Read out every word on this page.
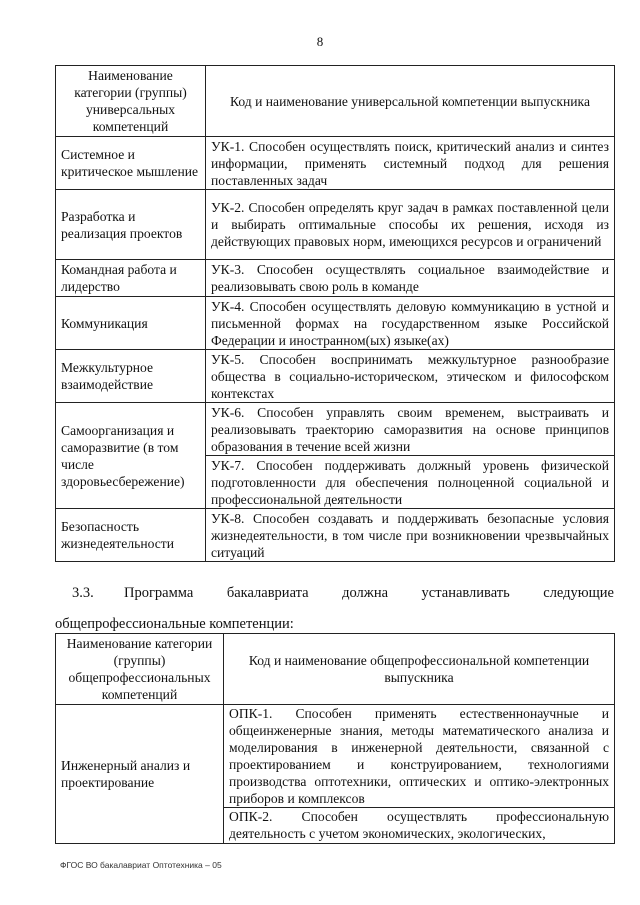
8
Наименование категории (группы) универсальных компетенций	Код и наименование универсальной компетенции выпускника
Системное и критическое мышление	УК-1. Способен осуществлять поиск, критический анализ и синтез информации, применять системный подход для решения поставленных задач
Разработка и реализация проектов	УК-2. Способен определять круг задач в рамках поставленной цели и выбирать оптимальные способы их решения, исходя из действующих правовых норм, имеющихся ресурсов и ограничений
Командная работа и лидерство	УК-3. Способен осуществлять социальное взаимодействие и реализовывать свою роль в команде
Коммуникация	УК-4. Способен осуществлять деловую коммуникацию в устной и письменной формах на государственном языке Российской Федерации и иностранном(ых) языке(ах)
Межкультурное взаимодействие	УК-5. Способен воспринимать межкультурное разнообразие общества в социально-историческом, этическом и философском контекстах
Самоорганизация и саморазвитие (в том числе здоровьесбережение)	УК-6. Способен управлять своим временем, выстраивать и реализовывать траекторию саморазвития на основе принципов образования в течение всей жизни
	УК-7. Способен поддерживать должный уровень физической подготовленности для обеспечения полноценной социальной и профессиональной деятельности
Безопасность жизнедеятельности	УК-8. Способен создавать и поддерживать безопасные условия жизнедеятельности, в том числе при возникновении чрезвычайных ситуаций
3.3. Программа бакалавриата должна устанавливать следующие
общепрофессиональные компетенции:
Наименование категории (группы) общепрофессиональных компетенций	Код и наименование общепрофессиональной компетенции выпускника
Инженерный анализ и проектирование	ОПК-1. Способен применять естественнонаучные и общеинженерные знания, методы математического анализа и моделирования в инженерной деятельности, связанной с проектированием и конструированием, технологиями производства оптотехники, оптических и оптико-электронных приборов и комплексов
	ОПК-2. Способен осуществлять профессиональную деятельность с учетом экономических, экологических,
ФГОС ВО бакалавриат Оптотехника – 05
